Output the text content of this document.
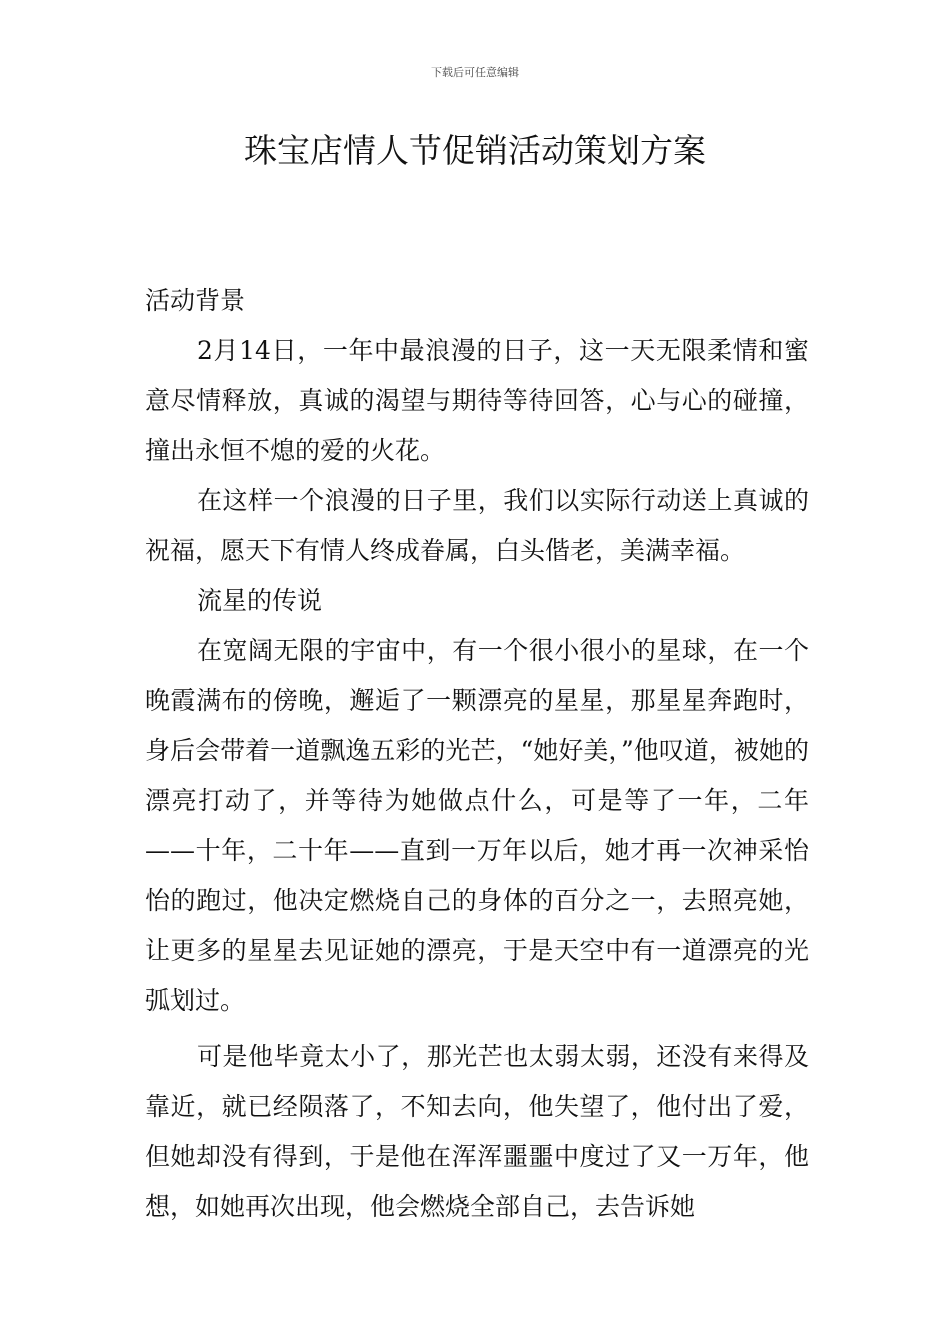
下载后可任意编辑
珠宝店情人节促销活动策划方案

活动背景

2月14日，一年中最浪漫的日子，这一天无限柔情和蜜意尽情释放，真诚的渴望与期待等待回答，心与心的碰撞，撞出永恒不熄的爱的火花。

在这样一个浪漫的日子里，我们以实际行动送上真诚的祝福，愿天下有情人终成眷属，白头偕老，美满幸福。

流星的传说

在宽阔无限的宇宙中，有一个很小很小的星球，在一个晚霞满布的傍晚，邂逅了一颗漂亮的星星，那星星奔跑时，身后会带着一道飘逸五彩的光芒，“她好美，”他叹道，被她的漂亮打动了，并等待为她做点什么，可是等了一年，二年——十年，二十年——直到一万年以后，她才再一次神采怡怡的跑过，他决定燃烧自己的身体的百分之一，去照亮她，让更多的星星去见证她的漂亮，于是天空中有一道漂亮的光弧划过。

可是他毕竟太小了，那光芒也太弱太弱，还没有来得及靠近，就已经陨落了，不知去向，他失望了，他付出了爱，但她却没有得到，于是他在浑浑噩噩中度过了又一万年，他想，如她再次出现，他会燃烧全部自己，去告诉她
